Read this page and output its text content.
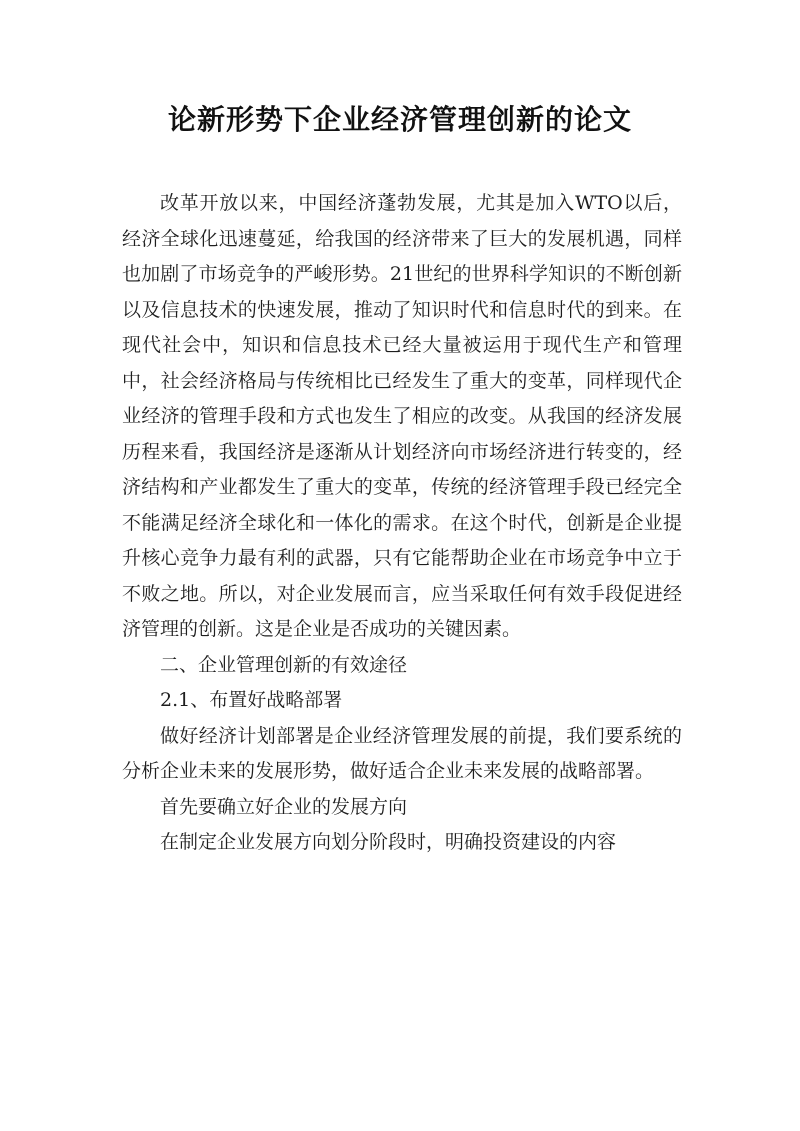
论新形势下企业经济管理创新的论文

改革开放以来，中国经济蓬勃发展，尤其是加入WTO以后，经济全球化迅速蔓延，给我国的经济带来了巨大的发展机遇，同样也加剧了市场竞争的严峻形势。21世纪的世界科学知识的不断创新以及信息技术的快速发展，推动了知识时代和信息时代的到来。在现代社会中，知识和信息技术已经大量被运用于现代生产和管理中，社会经济格局与传统相比已经发生了重大的变革，同样现代企业经济的管理手段和方式也发生了相应的改变。从我国的经济发展历程来看，我国经济是逐渐从计划经济向市场经济进行转变的，经济结构和产业都发生了重大的变革，传统的经济管理手段已经完全不能满足经济全球化和一体化的需求。在这个时代，创新是企业提升核心竞争力最有利的武器，只有它能帮助企业在市场竞争中立于不败之地。所以，对企业发展而言，应当采取任何有效手段促进经济管理的创新。这是企业是否成功的关键因素。

二、企业管理创新的有效途径

2.1、布置好战略部署

做好经济计划部署是企业经济管理发展的前提，我们要系统的分析企业未来的发展形势，做好适合企业未来发展的战略部署。

首先要确立好企业的发展方向

在制定企业发展方向划分阶段时，明确投资建设的内容
